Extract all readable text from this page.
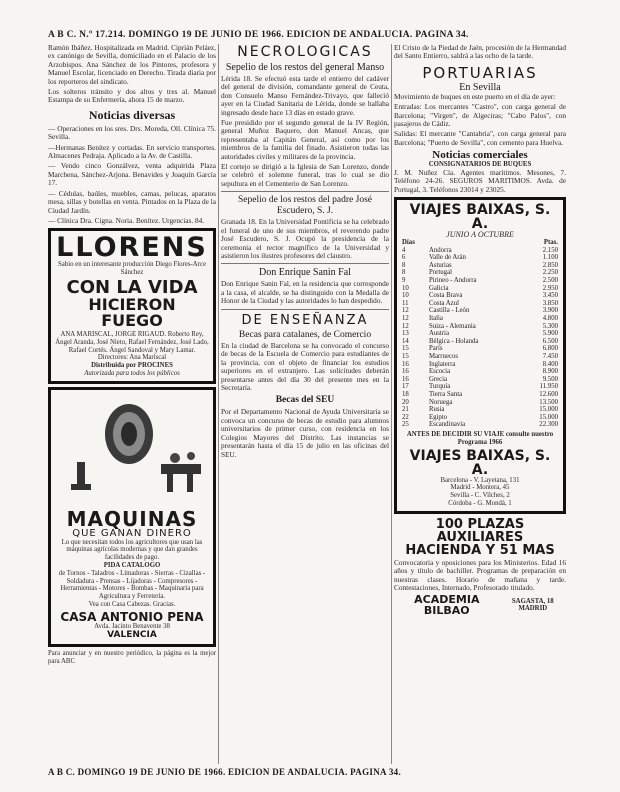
A B C. N.º 17.214. DOMINGO 19 DE JUNIO DE 1966. EDICION DE ANDALUCIA. PAGINA 34.

Ramón Ibáñez. Hospitalizada en Madrid. Ciprián Peláez, ex canónigo de Sevilla, domiciliado en el Palacio de los Arzobispos. Ana Sánchez de los Pintores, profesora y Manuel Escolar, licenciado en Derecho. Tirada diaria por los reporteros del sindicato.

Los solteros tránsito y dos altos y tres al. Manuel Estampa de su Enfermería, ahora 15 de marzo.

Noticias diversas

— Operaciones en los sres. Drs. Moreda, Oll. Clínica 75. Sevilla.

—Hermanas Benítez y cortadas. En servicio transportes. Almacenes Pedraja. Aplicado a la Av. de Castilla.

— Vendo cinco Gonzálvez, venta adquirida Plaza Marchena, Sánchez-Arjona. Benavides y Joaquín García 17.

— Cédulas, baúles, muebles, camas, pelucas, aparatos mesa, sillas y botellas en venta. Pintados en la Plaza de la Ciudad Jardín.

— Clínica Dra. Cigna. Noria. Benítez. Urgencias. 84.

LLORENS
Sabio en un interesante producción Diego Flores-Arce Sánchez
CON LA VIDA
HICIERON FUEGO
ANA MARISCAL, JORGE RIGAUD. Roberto Rey, Ángel Aranda, José Nieto, Rafael Fernández, José Lado, Rafael Cortés. Ángel Sandoval y Mary Lamar.
Directores: Ana Mariscal
Distribuida por PROCINES
Autorizada para todos los públicos
MAQUINAS
QUE GANAN DINERO
Lo que necesitan todos los agricultores que usan las máquinas agrícolas modernas y que dan grandes facilidades de pago.
PIDA CATALOGO
de Tornos - Taladros - Limadoras - Sierras - Cizallas - Soldadura - Prensas - Lijadoras - Compresores - Herramientas - Motores - Bombas - Maquinaria para Agricultura y Ferretería.
Vea con Casa Cabezas. Gracias.
CASA ANTONIO PENA
Avda. Jacinto Benavente 38
VALENCIA

Para anunciar y en nuestro periódico, la página es la mejor para ABC

NECROLOGICAS
Sepelio de los restos del general Manso

Lérida 18. Se efectuó esta tarde el entierro del cadáver del general de división, comandante general de Ceuta, don Consuelo Manso Fernández-Trivayo, que falleció ayer en la Ciudad Sanitaria de Lérida, donde se hallaba ingresado desde hace 13 días en estado grave.

Fue presidido por el segundo general de la IV Región, general Muñoz Baquero, don Manuel Ancas, que representaba al Capitán General, así como por los miembros de la familia del finado. Asistieron todas las autoridades civiles y militares de la provincia.

El cortejo se dirigió a la Iglesia de San Lorenzo, donde se celebró el solemne funeral, tras lo cual se dio sepultura en el Cementerio de San Lorenzo.

Sepelio de los restos del padre José Escudero, S. J.

Granada 18. En la Universidad Pontificia se ha celebrado el funeral de uno de sus miembros, el reverendo padre José Escudero, S. J. Ocupó la presidencia de la ceremonia el rector magnífico de la Universidad y asistieron los ilustres profesores del claustro.

Don Enrique Sanin Fal

Don Enrique Sanin Fal, en la residencia que corresponde a la casa, el alcalde, se ha distinguido con la Medalla de Honor de la Ciudad y las autoridades lo han despedido.

DE ENSEÑANZA
Becas para catalanes, de Comercio

En la ciudad de Barcelona se ha convocado el concurso de becas de la Escuela de Comercio para estudiantes de la provincia, con el objeto de financiar los estudios superiores en el extranjero. Las solicitudes deberán presentarse antes del día 30 del presente mes en la Secretaría.

Becas del SEU

Por el Departamento Nacional de Ayuda Universitaria se convoca un concurso de becas de estudio para alumnos universitarios de primer curso, con residencia en los Colegios Mayores del Distrito. Las instancias se presentarán hasta el día 15 de julio en las oficinas del SEU.

El Cristo de la Piedad de Jaén, procesión de la Hermandad del Santo Entierro, saldrá a las ocho de la tarde.

PORTUARIAS
En Sevilla

Movimiento de buques en este puerto en el día de ayer:

Entradas: Los mercantes "Castro", con carga general de Barcelona; "Virgen", de Algeciras; "Cabo Palos", con pasajeros de Cádiz.

Salidas: El mercante "Cantabria", con carga general para Barcelona; "Puerto de Sevilla", con cemento para Huelva.

Noticias comerciales
CONSIGNATARIOS DE BUQUES

J. M. Nuñez Cía. Agentes marítimos. Mesones, 7. Teléfono 24-26. SEGUROS MARITIMOS. Avda. de Portugal, 3. Teléfonos 23014 y 23025.

VIAJES BAIXAS, S. A.
JUNIO A OCTUBRE
Días		Ptas.
4	Andorra	2.150
6	Valle de Arán	1.100
8	Asturias	2.850
8	Portugal	2.250
9	Pirineo - Andorra	2.500
10	Galicia	2.950
10	Costa Brava	3.450
11	Costa Azul	3.850
12	Castilla - León	3.900
12	Italia	4.800
12	Suiza - Alemania	5.300
13	Austria	5.900
14	Bélgica - Holanda	6.500
15	París	6.800
15	Marruecos	7.450
16	Inglaterra	8.400
16	Escocia	8.900
16	Grecia	9.500
17	Turquía	11.950
18	Tierra Santa	12.600
20	Noruega	13.500
21	Rusia	15.000
22	Egipto	15.000
25	Escandinavia	22.300
ANTES DE DECIDIR SU VIAJE consulte nuestro Programa 1966
VIAJES BAIXAS, S. A.
Barcelona - V. Layetana, 131
Madrid - Montera, 45
Sevilla - C. Vilches, 2
Córdoba - G. Mondá, 1
100 PLAZAS AUXILIARES
HACIENDA Y 51 MAS

Convocatoria y oposiciones para los Ministerios. Edad 16 años y título de bachiller. Programas de preparación en nuestras clases. Horario de mañana y tarde. Contestaciones, Internado, Profesorado titulado.

ACADEMIA BILBAO
SAGASTA, 18 MADRID
A B C. DOMINGO 19 DE JUNIO DE 1966. EDICION DE ANDALUCIA. PAGINA 34.
